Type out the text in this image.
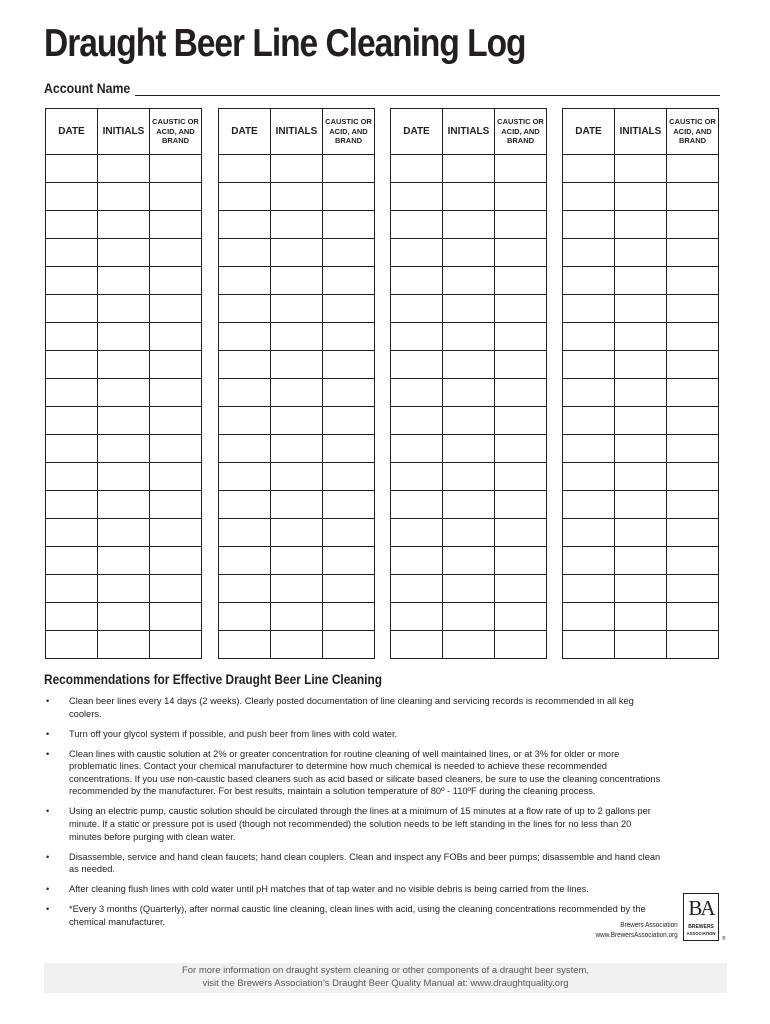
Draught Beer Line Cleaning Log
Account Name
DATE	INITIALS	CAUSTIC OR ACID, AND BRAND

DATE	INITIALS	CAUSTIC OR ACID, AND BRAND

DATE	INITIALS	CAUSTIC OR ACID, AND BRAND

DATE	INITIALS	CAUSTIC OR ACID, AND BRAND

Recommendations for Effective Draught Beer Line Cleaning
• Clean beer lines every 14 days (2 weeks). Clearly posted documentation of line cleaning and servicing records is recommended in all keg coolers.
• Turn off your glycol system if possible, and push beer from lines with cold water.
• Clean lines with caustic solution at 2% or greater concentration for routine cleaning of well maintained lines, or at 3% for older or more problematic lines. Contact your chemical manufacturer to determine how much chemical is needed to achieve these recommended concentrations. If you use non-caustic based cleaners such as acid based or silicate based cleaners, be sure to use the cleaning concentrations recommended by the manufacturer. For best results, maintain a solution temperature of 80º - 110ºF during the cleaning process.
• Using an electric pump, caustic solution should be circulated through the lines at a minimum of 15 minutes at a flow rate of up to 2 gallons per minute. If a static or pressure pot is used (though not recommended) the solution needs to be left standing in the lines for no less than 20 minutes before purging with clean water.
• Disassemble, service and hand clean faucets; hand clean couplers. Clean and inspect any FOBs and beer pumps; disassemble and hand clean as needed.
• After cleaning flush lines with cold water until pH matches that of tap water and no visible debris is being carried from the lines.
• *Every 3 months (Quarterly), after normal caustic line cleaning, clean lines with acid, using the cleaning concentrations recommended by the chemical manufacturer.	Brewers Association
www.BrewersAssociation.org
BA
BREWERS
ASSOCIATION
®
For more information on draught system cleaning or other components of a draught beer system,
visit the Brewers Association’s Draught Beer Quality Manual at: www.draughtquality.org
